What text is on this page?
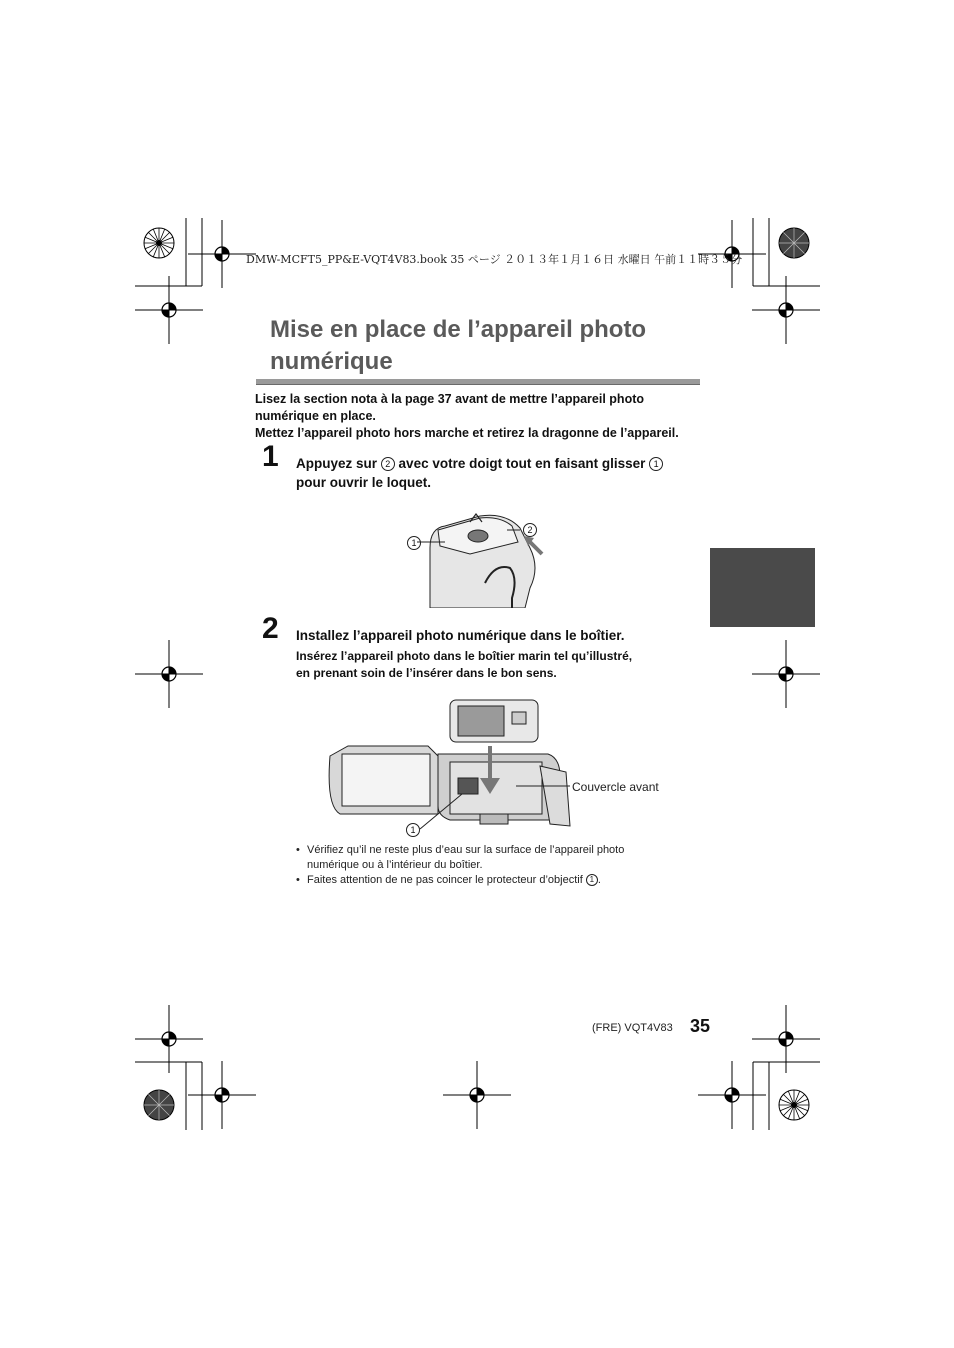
DMW-MCFT5_PP&E-VQT4V83.book 35 ページ ２０１３年１月１６日 水曜日 午前１１時３５分
Mise en place de l’appareil photo
numérique
Lisez la section nota à la page 37 avant de mettre l’appareil photo
numérique en place.
Mettez l’appareil photo hors marche et retirez la dragonne de l’appareil.
1 Appuyez sur 2 avec votre doigt tout en faisant glisser 1
pour ouvrir le loquet.
1
2
2 Installez l’appareil photo numérique dans le boîtier.
Insérez l’appareil photo dans le boîtier marin tel qu’illustré,
en prenant soin de l’insérer dans le bon sens.
Couvercle avant
1
• Vérifiez qu’il ne reste plus d’eau sur la surface de l’appareil photo
numérique ou à l’intérieur du boîtier.
• Faites attention de ne pas coincer le protecteur d’objectif 1 .
(FRE) VQT4V83 35
